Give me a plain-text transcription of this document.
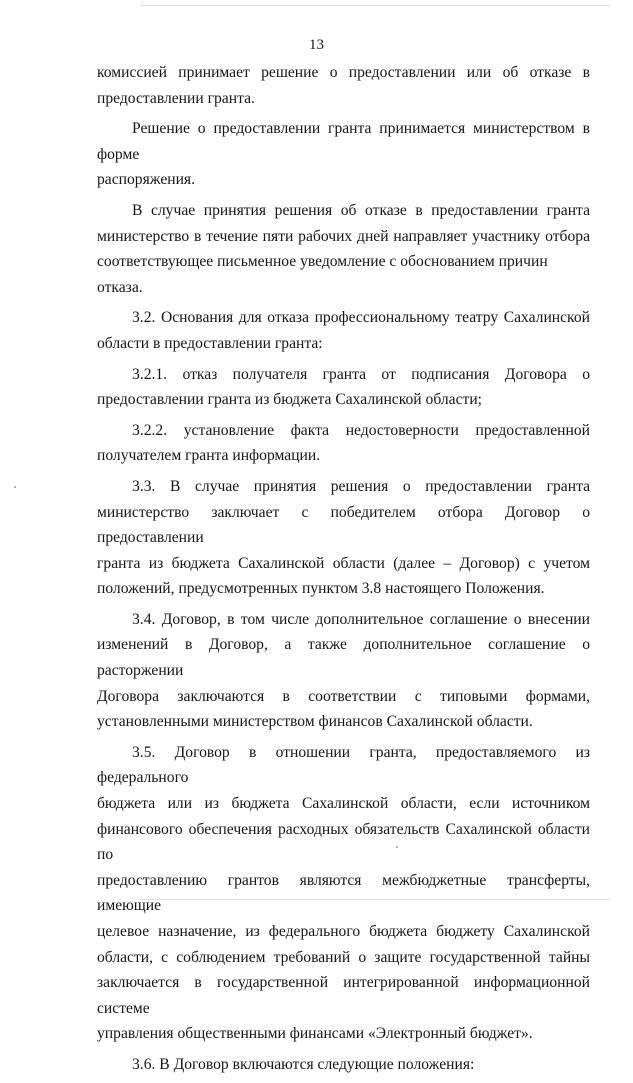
13

комиссией принимает решение о предоставлении или об отказе в
предоставлении гранта.

Решение о предоставлении гранта принимается министерством в форме
распоряжения.

В случае принятия решения об отказе в предоставлении гранта
министерство в течение пяти рабочих дней направляет участнику отбора
соответствующее письменное уведомление с обоснованием причин отказа.

3.2. Основания для отказа профессиональному театру Сахалинской
области в предоставлении гранта:

3.2.1. отказ получателя гранта от подписания Договора о
предоставлении гранта из бюджета Сахалинской области;

3.2.2. установление факта недостоверности предоставленной
получателем гранта информации.

3.3. В случае принятия решения о предоставлении гранта
министерство заключает с победителем отбора Договор о предоставлении
гранта из бюджета Сахалинской области (далее – Договор) с учетом
положений, предусмотренных пунктом 3.8 настоящего Положения.

3.4. Договор, в том числе дополнительное соглашение о внесении
изменений в Договор, а также дополнительное соглашение о расторжении
Договора заключаются в соответствии с типовыми формами,
установленными министерством финансов Сахалинской области.

3.5. Договор в отношении гранта, предоставляемого из федерального
бюджета или из бюджета Сахалинской области, если источником
финансового обеспечения расходных обязательств Сахалинской области по
предоставлению грантов являются межбюджетные трансферты, имеющие
целевое назначение, из федерального бюджета бюджету Сахалинской
области, с соблюдением требований о защите государственной тайны
заключается в государственной интегрированной информационной системе
управления общественными финансами «Электронный бюджет».

3.6. В Договор включаются следующие положения:
